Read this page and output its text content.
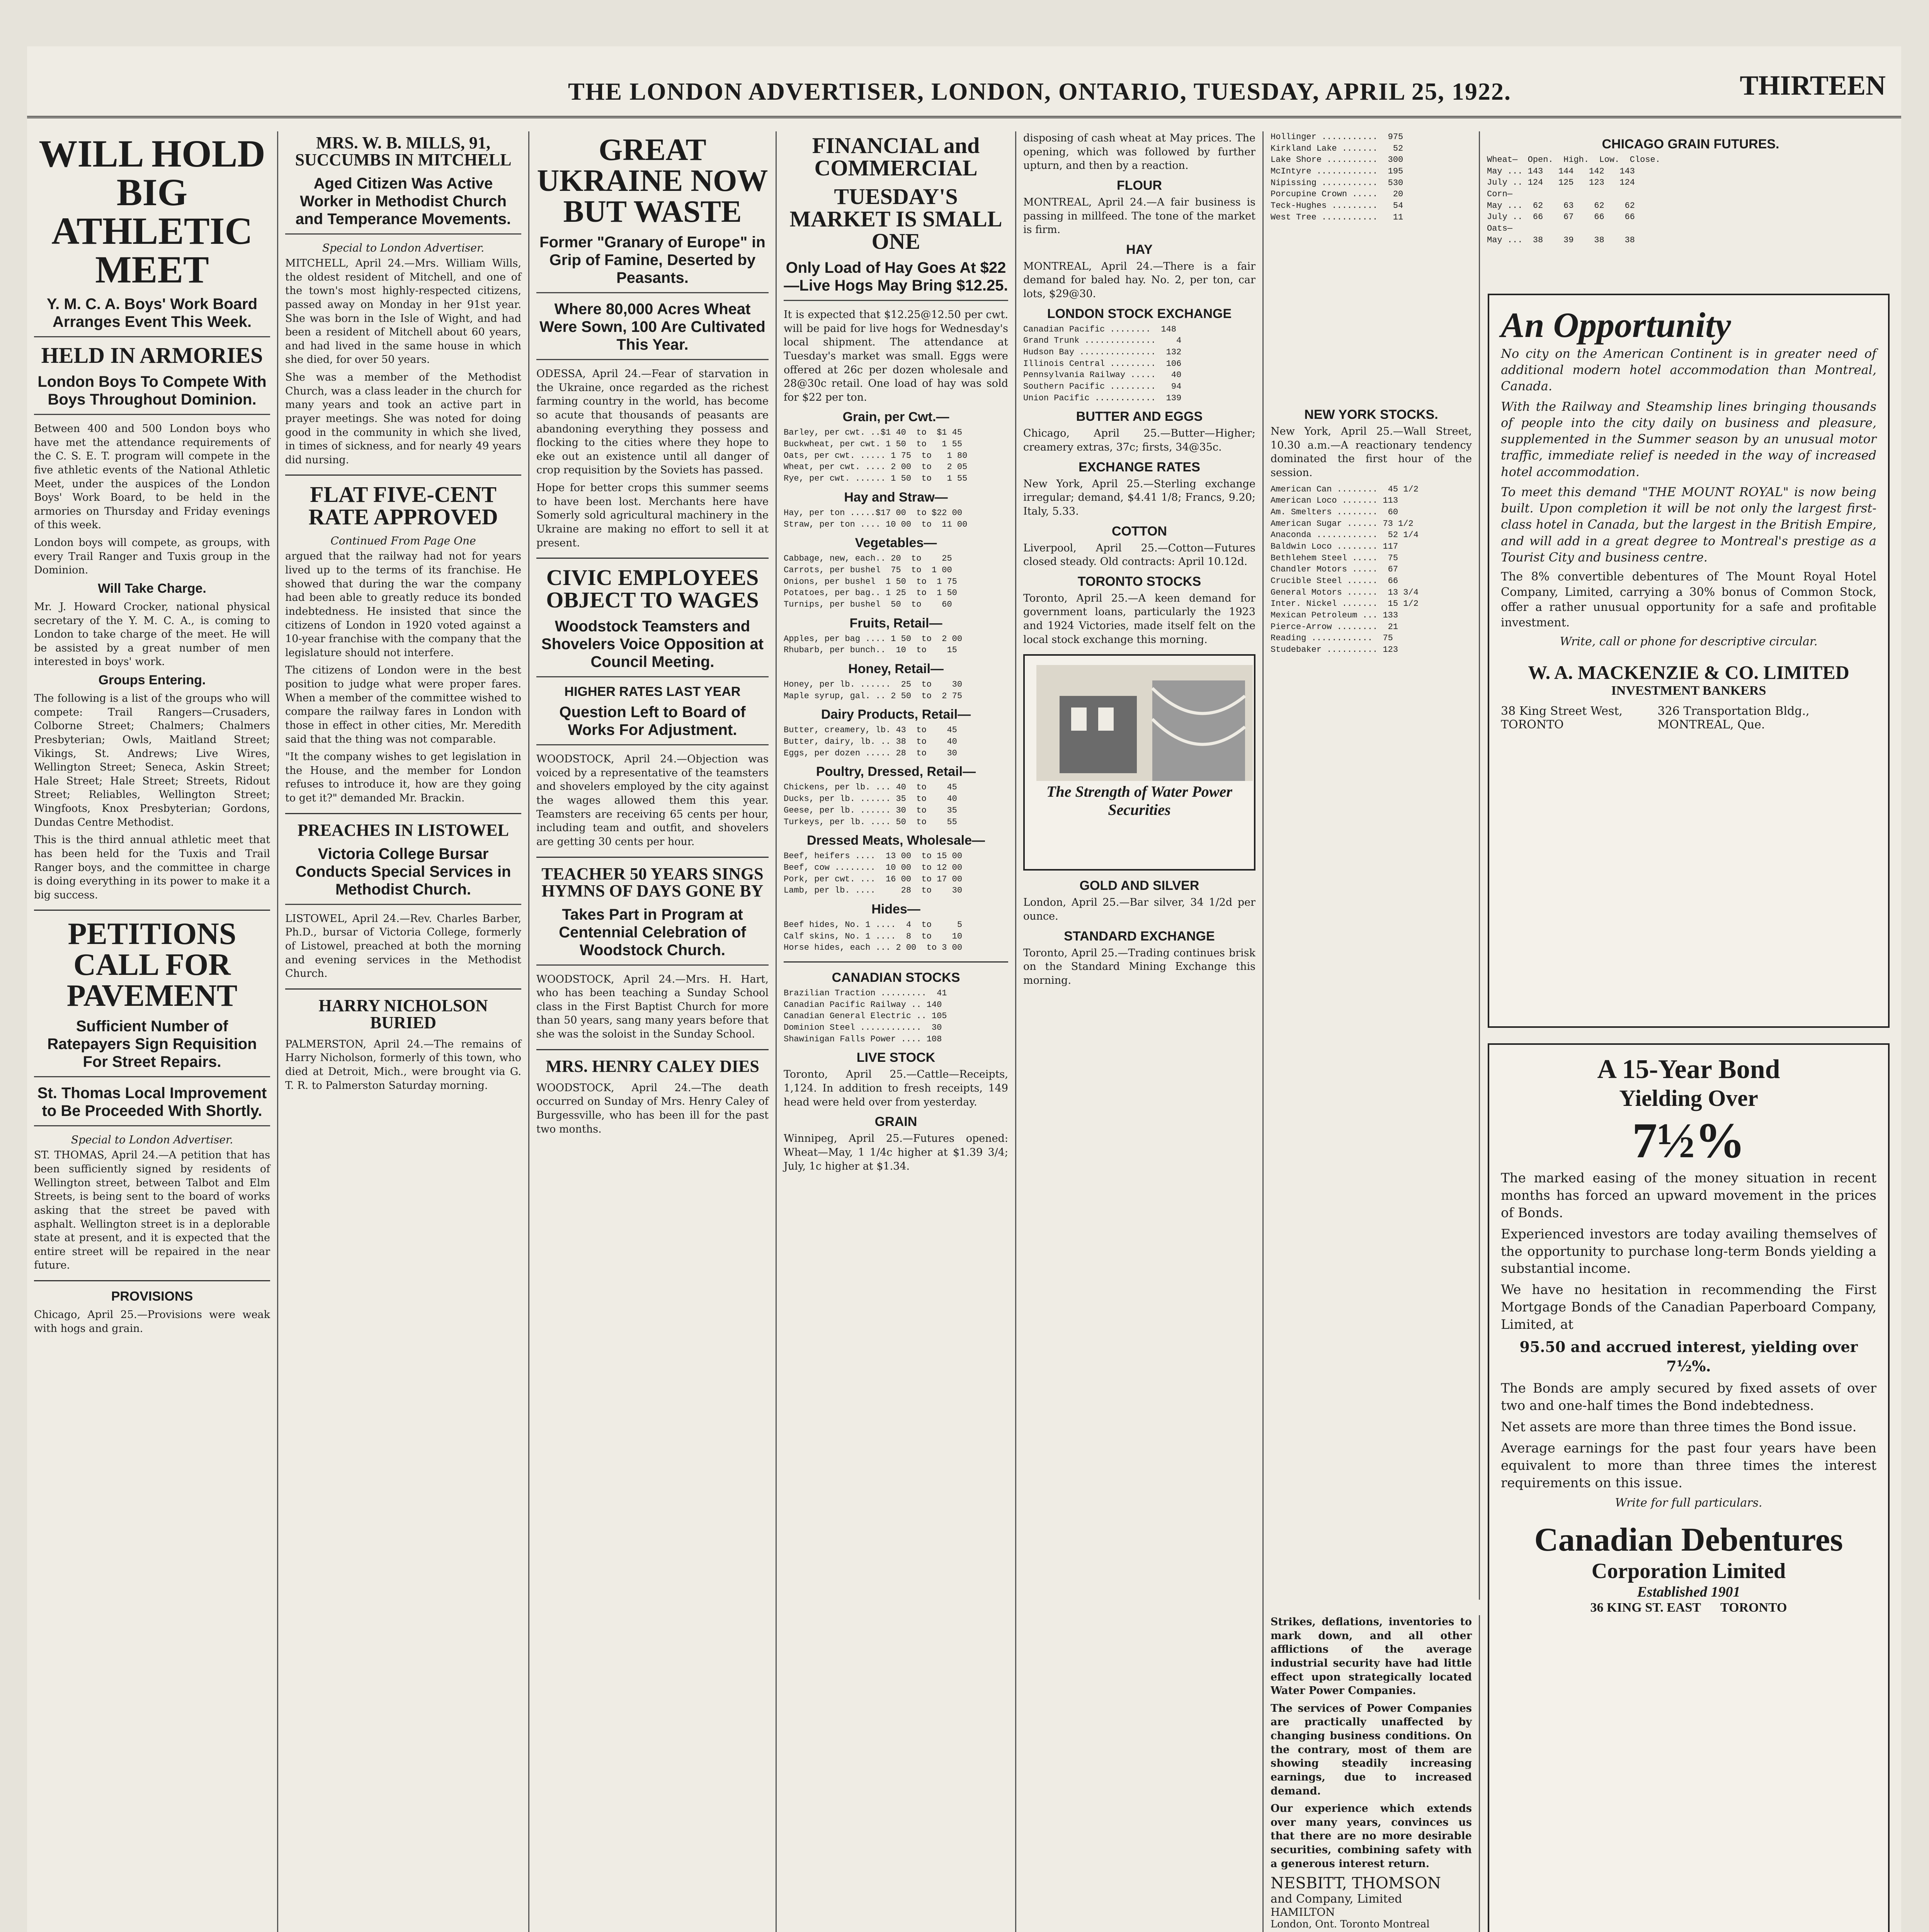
THE LONDON ADVERTISER, LONDON, ONTARIO, TUESDAY, APRIL 25, 1922.	THIRTEEN
WILL HOLD BIG ATHLETIC MEET
Y. M. C. A. Boys' Work Board Arranges Event This Week.
HELD IN ARMORIES
London Boys To Compete With Boys Throughout Dominion.

Between 400 and 500 London boys who have met the attendance requirements of the C. S. E. T. program will compete in the five athletic events of the National Athletic Meet, under the auspices of the London Boys' Work Board, to be held in the armories on Thursday and Friday evenings of this week.

London boys will compete, as groups, with every Trail Ranger and Tuxis group in the Dominion.

Will Take Charge.

Mr. J. Howard Crocker, national physical secretary of the Y. M. C. A., is coming to London to take charge of the meet. He will be assisted by a great number of men interested in boys' work.

Groups Entering.

The following is a list of the groups who will compete: Trail Rangers—Crusaders, Colborne Street; Chalmers; Chalmers Presbyterian; Owls, Maitland Street; Vikings, St. Andrews; Live Wires, Wellington Street; Seneca, Askin Street; Hale Street; Hale Street; Streets, Ridout Street; Reliables, Wellington Street; Wingfoots, Knox Presbyterian; Gordons, Dundas Centre Methodist.

This is the third annual athletic meet that has been held for the Tuxis and Trail Ranger boys, and the committee in charge is doing everything in its power to make it a big success.

PETITIONS CALL FOR PAVEMENT
Sufficient Number of Ratepayers Sign Requisition For Street Repairs.
St. Thomas Local Improvement to Be Proceeded With Shortly.
Special to London Advertiser.

ST. THOMAS, April 24.—A petition that has been sufficiently signed by residents of Wellington street, between Talbot and Elm Streets, is being sent to the board of works asking that the street be paved with asphalt. Wellington street is in a deplorable state at present, and it is expected that the entire street will be repaired in the near future.

PROVISIONS

Chicago, April 25.—Provisions were weak with hogs and grain.

MRS. W. B. MILLS, 91, SUCCUMBS IN MITCHELL
Aged Citizen Was Active Worker in Methodist Church and Temperance Movements.
Special to London Advertiser.

MITCHELL, April 24.—Mrs. William Wills, the oldest resident of Mitchell, and one of the town's most highly-respected citizens, passed away on Monday in her 91st year. She was born in the Isle of Wight, and had been a resident of Mitchell about 60 years, and had lived in the same house in which she died, for over 50 years.

She was a member of the Methodist Church, was a class leader in the church for many years and took an active part in prayer meetings. She was noted for doing good in the community in which she lived, in times of sickness, and for nearly 49 years did nursing.

FLAT FIVE-CENT RATE APPROVED
Continued From Page One

argued that the railway had not for years lived up to the terms of its franchise. He showed that during the war the company had been able to greatly reduce its bonded indebtedness. He insisted that since the citizens of London in 1920 voted against a 10-year franchise with the company that the legislature should not interfere.

The citizens of London were in the best position to judge what were proper fares. When a member of the committee wished to compare the railway fares in London with those in effect in other cities, Mr. Meredith said that the thing was not comparable.

"It the company wishes to get legislation in the House, and the member for London refuses to introduce it, how are they going to get it?" demanded Mr. Brackin.

PREACHES IN LISTOWEL
Victoria College Bursar Conducts Special Services in Methodist Church.

LISTOWEL, April 24.—Rev. Charles Barber, Ph.D., bursar of Victoria College, formerly of Listowel, preached at both the morning and evening services in the Methodist Church.

HARRY NICHOLSON BURIED

PALMERSTON, April 24.—The remains of Harry Nicholson, formerly of this town, who died at Detroit, Mich., were brought via G. T. R. to Palmerston Saturday morning.

GREAT UKRAINE NOW BUT WASTE
Former "Granary of Europe" in Grip of Famine, Deserted by Peasants.
Where 80,000 Acres Wheat Were Sown, 100 Are Cultivated This Year.

ODESSA, April 24.—Fear of starvation in the Ukraine, once regarded as the richest farming country in the world, has become so acute that thousands of peasants are abandoning everything they possess and flocking to the cities where they hope to eke out an existence until all danger of crop requisition by the Soviets has passed.

Hope for better crops this summer seems to have been lost. Merchants here have Somerly sold agricultural machinery in the Ukraine are making no effort to sell it at present.

CIVIC EMPLOYEES OBJECT TO WAGES
Woodstock Teamsters and Shovelers Voice Opposition at Council Meeting.
HIGHER RATES LAST YEAR
Question Left to Board of Works For Adjustment.

WOODSTOCK, April 24.—Objection was voiced by a representative of the teamsters and shovelers employed by the city against the wages allowed them this year. Teamsters are receiving 65 cents per hour, including team and outfit, and shovelers are getting 30 cents per hour.

TEACHER 50 YEARS SINGS HYMNS OF DAYS GONE BY
Takes Part in Program at Centennial Celebration of Woodstock Church.

WOODSTOCK, April 24.—Mrs. H. Hart, who has been teaching a Sunday School class in the First Baptist Church for more than 50 years, sang many years before that she was the soloist in the Sunday School.

MRS. HENRY CALEY DIES

WOODSTOCK, April 24.—The death occurred on Sunday of Mrs. Henry Caley of Burgessville, who has been ill for the past two months.

FINANCIAL and COMMERCIAL
TUESDAY'S MARKET IS SMALL ONE
Only Load of Hay Goes At $22—Live Hogs May Bring $12.25.

It is expected that $12.25@12.50 per cwt. will be paid for live hogs for Wednesday's local shipment. The attendance at Tuesday's market was small. Eggs were offered at 26c per dozen wholesale and 28@30c retail. One load of hay was sold for $22 per ton.

Grain, per Cwt.—
Barley, per cwt. ..$1 40  to  $1 45
Buckwheat, per cwt. 1 50  to   1 55
Oats, per cwt. ..... 1 75  to   1 80
Wheat, per cwt. .... 2 00  to   2 05
Rye, per cwt. ...... 1 50  to   1 55
Hay and Straw—
Hay, per ton .....$17 00  to $22 00
Straw, per ton .... 10 00  to  11 00
Vegetables—
Cabbage, new, each.. 20  to    25
Carrots, per bushel  75  to  1 00
Onions, per bushel  1 50  to  1 75
Potatoes, per bag.. 1 25  to  1 50
Turnips, per bushel  50  to    60
Fruits, Retail—
Apples, per bag .... 1 50  to  2 00
Rhubarb, per bunch..  10  to    15
Honey, Retail—
Honey, per lb. ......  25  to    30
Maple syrup, gal. .. 2 50  to  2 75
Dairy Products, Retail—
Butter, creamery, lb. 43  to    45
Butter, dairy, lb. .. 38  to    40
Eggs, per dozen ..... 28  to    30
Poultry, Dressed, Retail—
Chickens, per lb. ... 40  to    45
Ducks, per lb. ...... 35  to    40
Geese, per lb. ...... 30  to    35
Turkeys, per lb. .... 50  to    55
Dressed Meats, Wholesale—
Beef, heifers ....  13 00  to 15 00
Beef, cow ........  10 00  to 12 00
Pork, per cwt. ...  16 00  to 17 00
Lamb, per lb. ....     28  to    30
Hides—
Beef hides, No. 1 ....  4  to     5
Calf skins, No. 1 ....  8  to    10
Horse hides, each ... 2 00  to 3 00
CANADIAN STOCKS
Brazilian Traction .........  41
Canadian Pacific Railway .. 140
Canadian General Electric .. 105
Dominion Steel ............  30
Shawinigan Falls Power .... 108
LIVE STOCK

Toronto, April 25.—Cattle—Receipts, 1,124. In addition to fresh receipts, 149 head were held over from yesterday.

GRAIN

Winnipeg, April 25.—Futures opened: Wheat—May, 1 1/4c higher at $1.39 3/4; July, 1c higher at $1.34.

disposing of cash wheat at May prices. The opening, which was followed by further upturn, and then by a reaction.

FLOUR

MONTREAL, April 24.—A fair business is passing in millfeed. The tone of the market is firm.

HAY

MONTREAL, April 24.—There is a fair demand for baled hay. No. 2, per ton, car lots, $29@30.

LONDON STOCK EXCHANGE
Canadian Pacific ........  148
Grand Trunk ..............    4
Hudson Bay ...............  132
Illinois Central .........  106
Pennsylvania Railway .....   40
Southern Pacific .........   94
Union Pacific ............  139
BUTTER AND EGGS

Chicago, April 25.—Butter—Higher; creamery extras, 37c; firsts, 34@35c.

EXCHANGE RATES

New York, April 25.—Sterling exchange irregular; demand, $4.41 1/8; Francs, 9.20; Italy, 5.33.

COTTON

Liverpool, April 25.—Cotton—Futures closed steady. Old contracts: April 10.12d.

TORONTO STOCKS

Toronto, April 25.—A keen demand for government loans, particularly the 1923 and 1924 Victories, made itself felt on the local stock exchange this morning.

The Strength of Water Power Securities
GOLD AND SILVER

London, April 25.—Bar silver, 34 1/2d per ounce.

STANDARD EXCHANGE

Toronto, April 25.—Trading continues brisk on the Standard Mining Exchange this morning.

Hollinger ...........  975
Kirkland Lake .......   52
Lake Shore ..........  300
McIntyre ............  195
Nipissing ...........  530
Porcupine Crown .....   20
Teck-Hughes .........   54
West Tree ...........   11
NEW YORK STOCKS.

New York, April 25.—Wall Street, 10.30 a.m.—A reactionary tendency dominated the first hour of the session.

American Can ........  45 1/2
American Loco ....... 113
Am. Smelters ........  60
American Sugar ...... 73 1/2
Anaconda ............  52 1/4
Baldwin Loco ........ 117
Bethlehem Steel .....  75
Chandler Motors .....  67
Crucible Steel ......  66
General Motors ......  13 3/4
Inter. Nickel .......  15 1/2
Mexican Petroleum ... 133
Pierce-Arrow ........  21
Reading ............  75
Studebaker .......... 123
CHICAGO GRAIN FUTURES.
Wheat—  Open.  High.  Low.  Close.
May ... 143   144   142   143
July .. 124   125   123   124
Corn—
May ...  62    63    62    62
July ..  66    67    66    66
Oats—
May ...  38    39    38    38
An Opportunity

No city on the American Continent is in greater need of additional modern hotel accommodation than Montreal, Canada.

With the Railway and Steamship lines bringing thousands of people into the city daily on business and pleasure, supplemented in the Summer season by an unusual motor traffic, immediate relief is needed in the way of increased hotel accommodation.

To meet this demand "THE MOUNT ROYAL" is now being built. Upon completion it will be not only the largest first-class hotel in Canada, but the largest in the British Empire, and will add in a great degree to Montreal's prestige as a Tourist City and business centre.

The 8% convertible debentures of The Mount Royal Hotel Company, Limited, carrying a 30% bonus of Common Stock, offer a rather unusual opportunity for a safe and profitable investment.

Write, call or phone for descriptive circular.

W. A. MACKENZIE & CO. LIMITED
INVESTMENT BANKERS
38 King Street West, TORONTO
326 Transportation Bldg., MONTREAL, Que.
A 15-Year Bond
Yielding Over
7½%

The marked easing of the money situation in recent months has forced an upward movement in the prices of Bonds.

Experienced investors are today availing themselves of the opportunity to purchase long-term Bonds yielding a substantial income.

We have no hesitation in recommending the First Mortgage Bonds of the Canadian Paperboard Company, Limited, at

95.50 and accrued interest, yielding over 7½%.

The Bonds are amply secured by fixed assets of over two and one-half times the Bond indebtedness.

Net assets are more than three times the Bond issue.

Average earnings for the past four years have been equivalent to more than three times the interest requirements on this issue.

Write for full particulars.

Canadian Debentures
Corporation Limited
Established 1901
36 KING ST. EAST      TORONTO

Strikes, deflations, inventories to mark down, and all other afflictions of the average industrial security have had little effect upon strategically located Water Power Companies.

The services of Power Companies are practically unaffected by changing business conditions. On the contrary, most of them are showing steadily increasing earnings, due to increased demand.

Our experience which extends over many years, convinces us that there are no more desirable securities, combining safety with a generous interest return.

NESBITT, THOMSON
and Company, Limited
HAMILTON
London, Ont. Toronto Montreal
